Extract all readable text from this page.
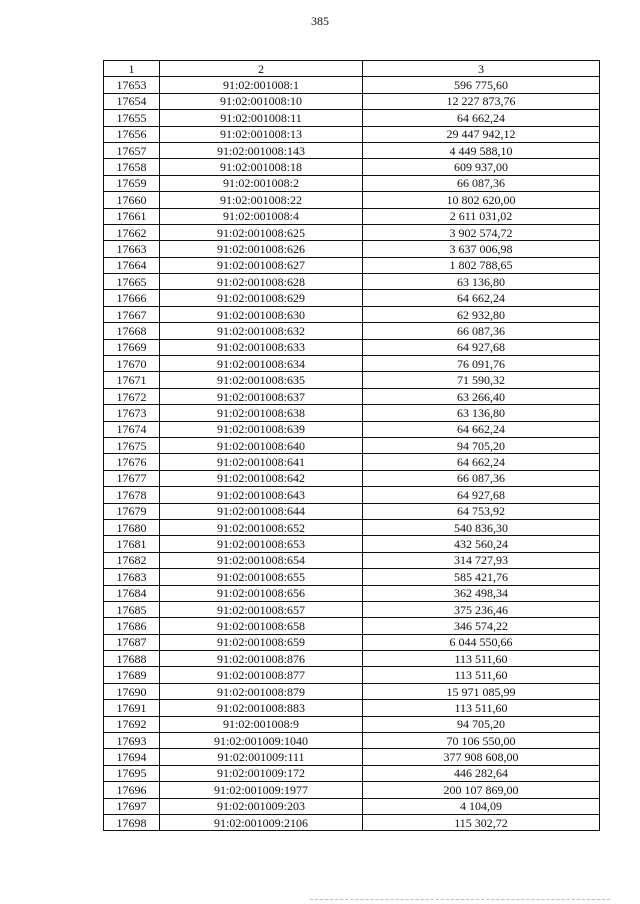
385
1	2	3
17653	91:02:001008:1	596 775,60
17654	91:02:001008:10	12 227 873,76
17655	91:02:001008:11	64 662,24
17656	91:02:001008:13	29 447 942,12
17657	91:02:001008:143	4 449 588,10
17658	91:02:001008:18	609 937,00
17659	91:02:001008:2	66 087,36
17660	91:02:001008:22	10 802 620,00
17661	91:02:001008:4	2 611 031,02
17662	91:02:001008:625	3 902 574,72
17663	91:02:001008:626	3 637 006,98
17664	91:02:001008:627	1 802 788,65
17665	91:02:001008:628	63 136,80
17666	91:02:001008:629	64 662,24
17667	91:02:001008:630	62 932,80
17668	91:02:001008:632	66 087,36
17669	91:02:001008:633	64 927,68
17670	91:02:001008:634	76 091,76
17671	91:02:001008:635	71 590,32
17672	91:02:001008:637	63 266,40
17673	91:02:001008:638	63 136,80
17674	91:02:001008:639	64 662,24
17675	91:02:001008:640	94 705,20
17676	91:02:001008:641	64 662,24
17677	91:02:001008:642	66 087,36
17678	91:02:001008:643	64 927,68
17679	91:02:001008:644	64 753,92
17680	91:02:001008:652	540 836,30
17681	91:02:001008:653	432 560,24
17682	91:02:001008:654	314 727,93
17683	91:02:001008:655	585 421,76
17684	91:02:001008:656	362 498,34
17685	91:02:001008:657	375 236,46
17686	91:02:001008:658	346 574,22
17687	91:02:001008:659	6 044 550,66
17688	91:02:001008:876	113 511,60
17689	91:02:001008:877	113 511,60
17690	91:02:001008:879	15 971 085,99
17691	91:02:001008:883	113 511,60
17692	91:02:001008:9	94 705,20
17693	91:02:001009:1040	70 106 550,00
17694	91:02:001009:111	377 908 608,00
17695	91:02:001009:172	446 282,64
17696	91:02:001009:1977	200 107 869,00
17697	91:02:001009:203	4 104,09
17698	91:02:001009:2106	115 302,72
